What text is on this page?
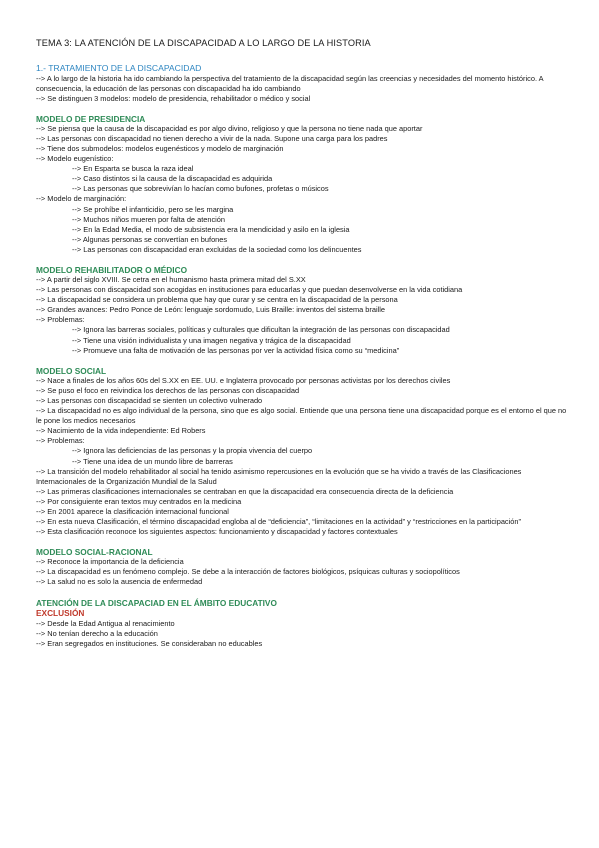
TEMA 3: LA ATENCIÓN DE LA DISCAPACIDAD A LO LARGO DE LA HISTORIA
1.- TRATAMIENTO DE LA DISCAPACIDAD
--> A lo largo de la historia ha ido cambiando la perspectiva del tratamiento de la discapacidad según las creencias y necesidades del momento histórico. A consecuencia, la educación de las personas con discapacidad ha ido cambiando
--> Se distinguen 3 modelos: modelo de presidencia, rehabilitador o médico y social
MODELO DE PRESIDENCIA
--> Se piensa que la causa de la discapacidad es por algo divino, religioso y que la persona no tiene nada que aportar
--> Las personas con discapacidad no tienen derecho a vivir de la nada. Supone una carga para los padres
--> Tiene dos submodelos: modelos eugenésticos y modelo de marginación
--> Modelo eugenístico:
--> En Esparta se busca la raza ideal
--> Caso distintos si la causa de la discapacidad es adquirida
--> Las personas que sobrevivían lo hacían como bufones, profetas o músicos
--> Modelo de marginación:
--> Se prohíbe el infanticidio, pero se les margina
--> Muchos niños mueren por falta de atención
--> En la Edad Media, el modo de subsistencia era la mendicidad y asilo en la iglesia
--> Algunas personas se convertían en bufones
--> Las personas con discapacidad eran excluidas de la sociedad como los delincuentes
MODELO REHABILITADOR O MÉDICO
--> A partir del siglo XVIII. Se cetra en el humanismo hasta primera mitad del S.XX
--> Las personas con discapacidad son acogidas en instituciones para educarlas y que puedan desenvolverse en la vida cotidiana
--> La discapacidad se considera un problema que hay que curar y se centra en la discapacidad de la persona
--> Grandes avances: Pedro Ponce de León: lenguaje sordomudo, Luis Braille: inventos del sistema braille
--> Problemas:
--> Ignora las barreras sociales, políticas y culturales que dificultan la integración de las personas con discapacidad
--> Tiene una visión individualista y una imagen negativa y trágica de la discapacidad
--> Promueve una falta de motivación de las personas por ver la actividad física como su “medicina”
MODELO SOCIAL
--> Nace a finales de los años 60s del S.XX en EE. UU. e Inglaterra provocado por personas activistas por los derechos civiles
--> Se puso el foco en reivindica los derechos de las personas con discapacidad
--> Las personas con discapacidad se sienten un colectivo vulnerado
--> La discapacidad no es algo individual de la persona, sino que es algo social. Entiende que una persona tiene una discapacidad porque es el entorno el que no le pone los medios necesarios
--> Nacimiento de la vida independiente: Ed Robers
--> Problemas:
--> Ignora las deficiencias de las personas y la propia vivencia del cuerpo
--> Tiene una idea de un mundo libre de barreras
--> La transición del modelo rehabilitador al social ha tenido asimismo repercusiones en la evolución que se ha vivido a través de las Clasificaciones Internacionales de la Organización Mundial de la Salud
--> Las primeras clasificaciones internacionales se centraban en que la discapacidad era consecuencia directa de la deficiencia
--> Por consiguiente eran textos muy centrados en la medicina
--> En 2001 aparece la clasificación internacional funcional
--> En esta nueva Clasificación, el término discapacidad engloba al de “deficiencia”, “limitaciones en la actividad” y “restricciones en la participación”
--> Esta clasificación reconoce los siguientes aspectos: funcionamiento y discapacidad y factores contextuales
MODELO SOCIAL-RACIONAL
--> Reconoce la importancia de la deficiencia
--> La discapacidad es un fenómeno complejo. Se debe a la interacción de factores biológicos, psíquicas culturas y sociopolíticos
--> La salud no es solo la ausencia de enfermedad
ATENCIÓN DE LA DISCAPACIAD EN EL ÁMBITO EDUCATIVO
EXCLUSIÓN
--> Desde la Edad Antigua al renacimiento
--> No tenían derecho a la educación
--> Eran segregados en instituciones. Se consideraban no educables
